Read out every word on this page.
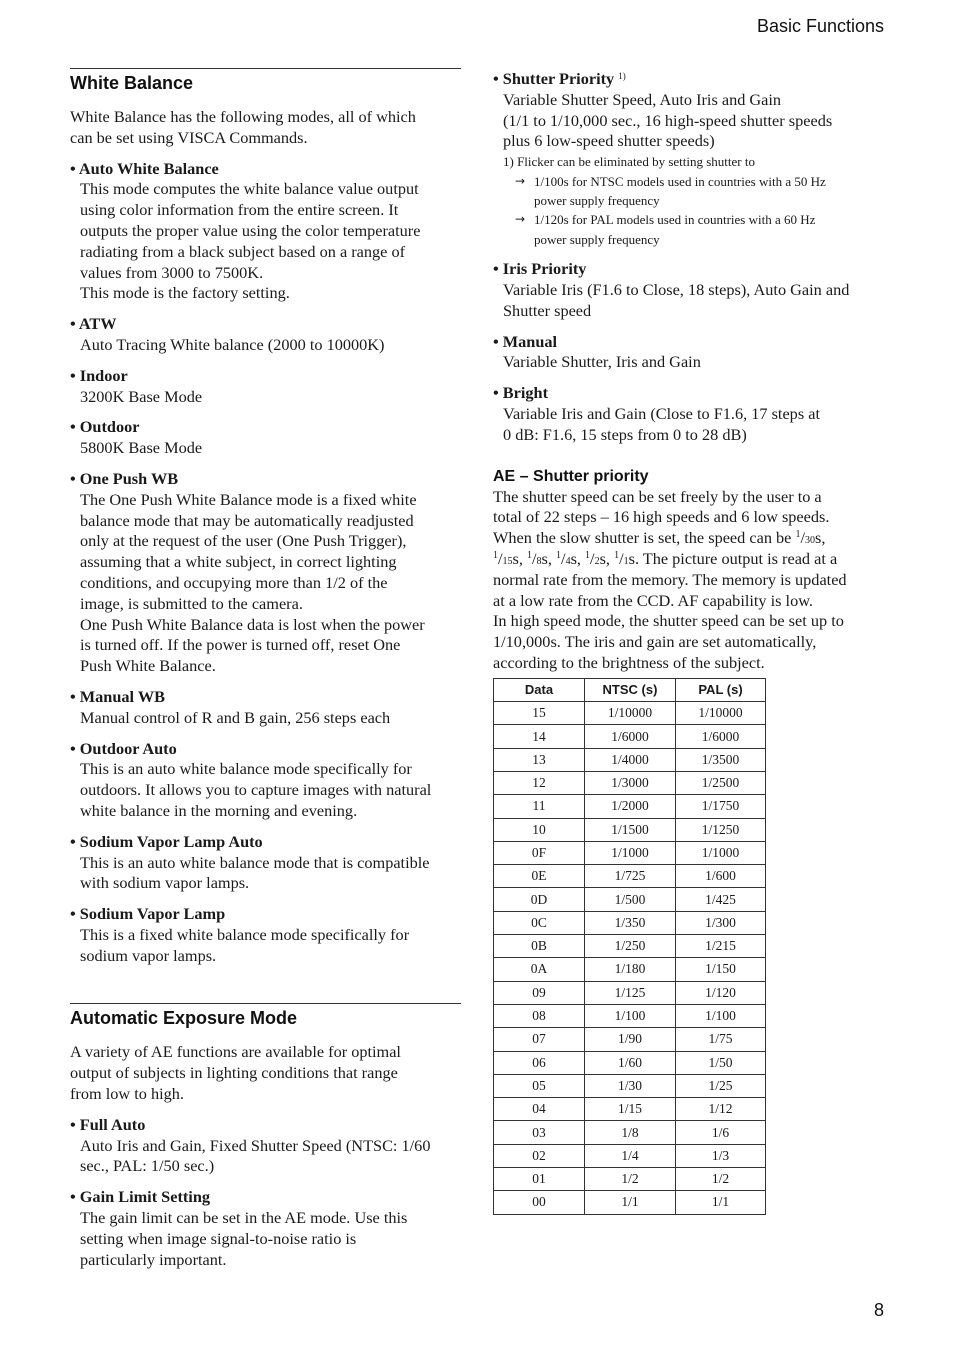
Basic Functions
White Balance

White Balance has the following modes, all of which

can be set using VISCA Commands.

• Auto White Balance
This mode computes the white balance value output
using color information from the entire screen. It
outputs the proper value using the color temperature
radiating from a black subject based on a range of
values from 3000 to 7500K.
This mode is the factory setting.
• ATW
Auto Tracing White balance (2000 to 10000K)
• Indoor
3200K Base Mode
• Outdoor
5800K Base Mode
• One Push WB
The One Push White Balance mode is a fixed white
balance mode that may be automatically readjusted
only at the request of the user (One Push Trigger),
assuming that a white subject, in correct lighting
conditions, and occupying more than 1/2 of the
image, is submitted to the camera.
One Push White Balance data is lost when the power
is turned off. If the power is turned off, reset One
Push White Balance.
• Manual WB
Manual control of R and B gain, 256 steps each
• Outdoor Auto
This is an auto white balance mode specifically for
outdoors. It allows you to capture images with natural
white balance in the morning and evening.
• Sodium Vapor Lamp Auto
This is an auto white balance mode that is compatible
with sodium vapor lamps.
• Sodium Vapor Lamp
This is a fixed white balance mode specifically for
sodium vapor lamps.
Automatic Exposure Mode

A variety of AE functions are available for optimal

output of subjects in lighting conditions that range

from low to high.

• Full Auto
Auto Iris and Gain, Fixed Shutter Speed (NTSC: 1/60
sec., PAL: 1/50 sec.)
• Gain Limit Setting
The gain limit can be set in the AE mode. Use this
setting when image signal-to-noise ratio is
particularly important.
• Shutter Priority $^{1)}$
Variable Shutter Speed, Auto Iris and Gain
(1/1 to 1/10,000 sec., 16 high-speed shutter speeds
plus 6 low-speed shutter speeds)
1) Flicker can be eliminated by setting shutter to
→ 1/100s for NTSC models used in countries with a 50 Hz
power supply frequency
→ 1/120s for PAL models used in countries with a 60 Hz
power supply frequency
• Iris Priority
Variable Iris (F1.6 to Close, 18 steps), Auto Gain and
Shutter speed
• Manual
Variable Shutter, Iris and Gain
• Bright
Variable Iris and Gain (Close to F1.6, 17 steps at
0 dB: F1.6, 15 steps from 0 to 28 dB)
AE – Shutter priority

The shutter speed can be set freely by the user to a

total of 22 steps – 16 high speeds and 6 low speeds.

When the slow shutter is set, the speed can be $^1$/30s,

$^1$/15s, $^1$/8s, $^1$/4s, $^1$/2s, $^1$/1s. The picture output is read at a

normal rate from the memory. The memory is updated

at a low rate from the CCD. AF capability is low.

In high speed mode, the shutter speed can be set up to

1/10,000s. The iris and gain are set automatically,

according to the brightness of the subject.

Data	NTSC (s)	PAL (s)
15	1/10000	1/10000
14	1/6000	1/6000
13	1/4000	1/3500
12	1/3000	1/2500
11	1/2000	1/1750
10	1/1500	1/1250
0F	1/1000	1/1000
0E	1/725	1/600
0D	1/500	1/425
0C	1/350	1/300
0B	1/250	1/215
0A	1/180	1/150
09	1/125	1/120
08	1/100	1/100
07	1/90	1/75
06	1/60	1/50
05	1/30	1/25
04	1/15	1/12
03	1/8	1/6
02	1/4	1/3
01	1/2	1/2
00	1/1	1/1
8
